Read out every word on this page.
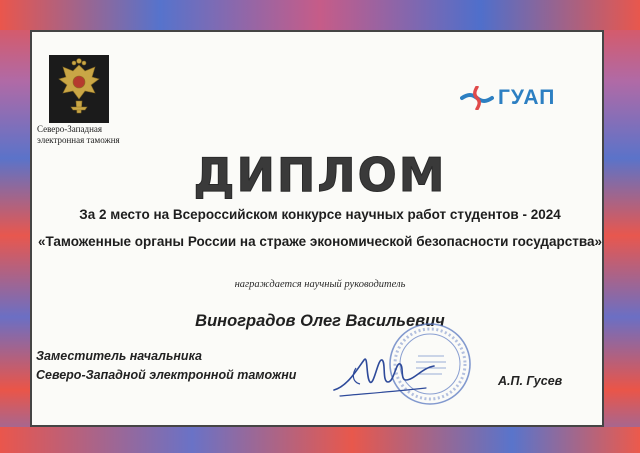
Северо-Западная
электронная таможня
ГУАП
ДИПЛОМ
За 2 место на Всероссийском конкурсе научных работ студентов - 2024
«Таможенные органы России на страже экономической безопасности государства»
награждается научный руководитель
Виноградов Олег Васильевич
Заместитель начальника
Северо-Западной электронной таможни	А.П. Гусев
